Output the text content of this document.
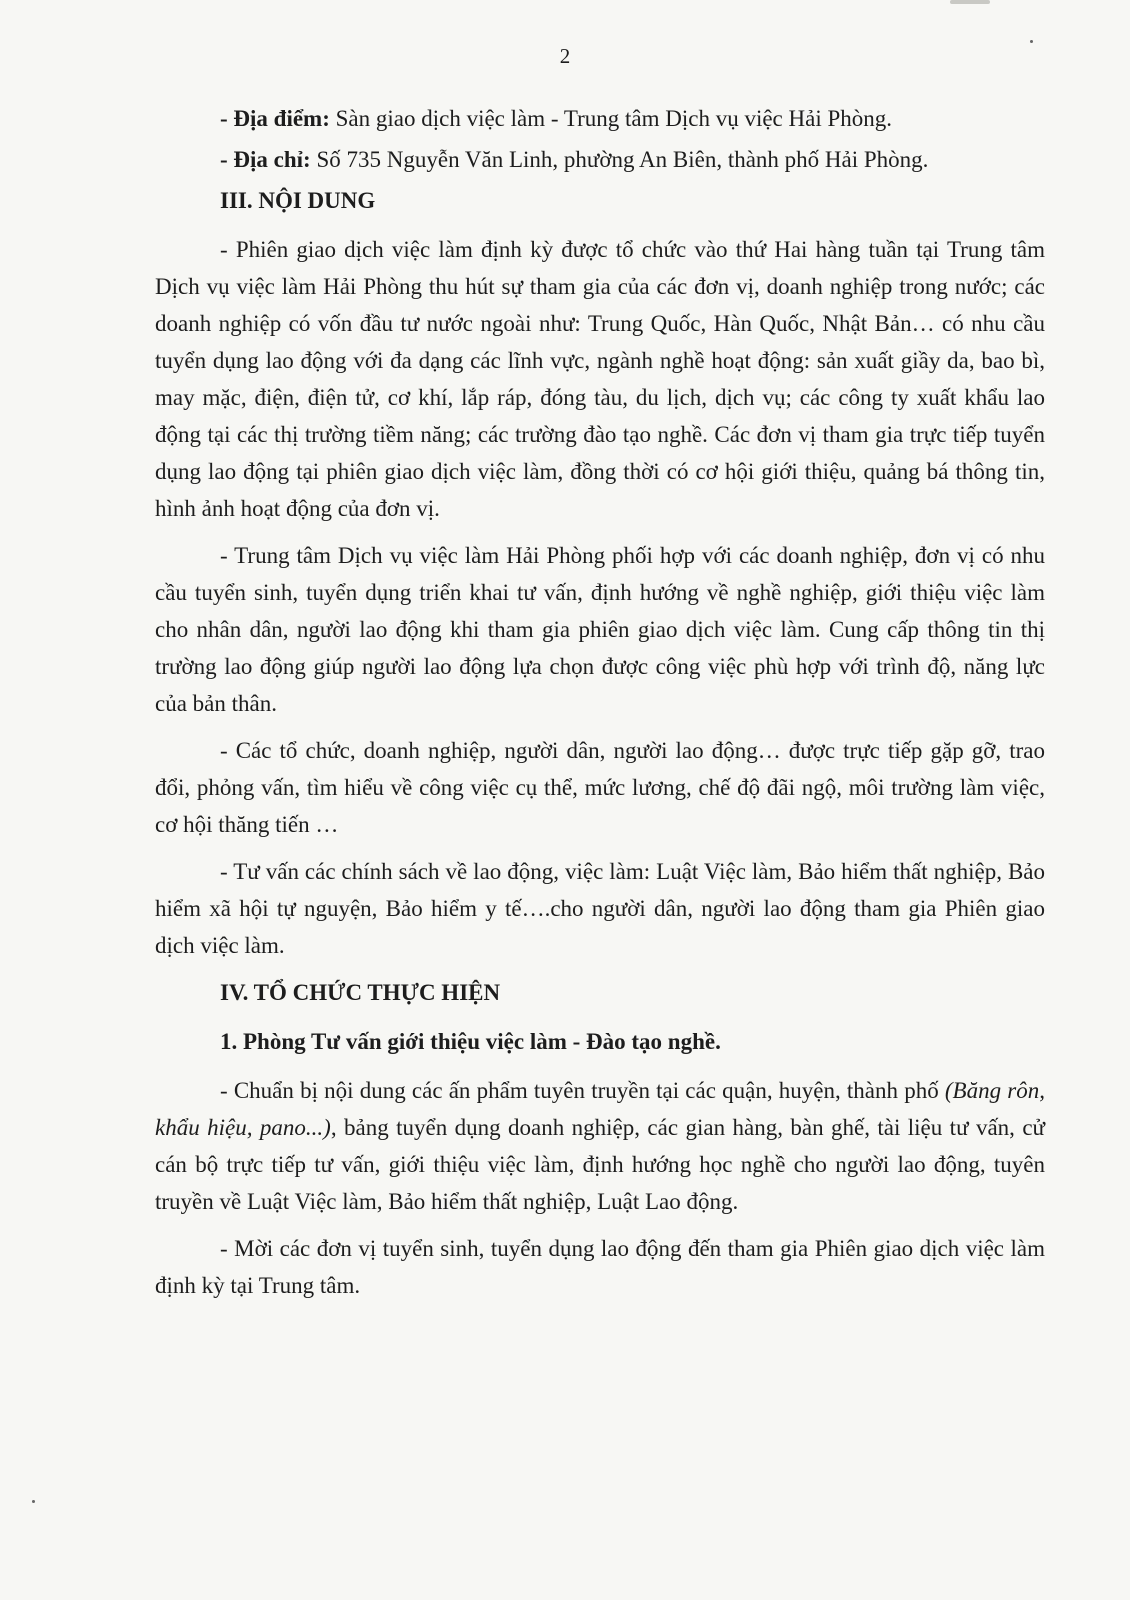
2

- Địa điểm: Sàn giao dịch việc làm - Trung tâm Dịch vụ việc Hải Phòng.

- Địa chỉ: Số 735 Nguyễn Văn Linh, phường An Biên, thành phố Hải Phòng.

III. NỘI DUNG

- Phiên giao dịch việc làm định kỳ được tổ chức vào thứ Hai hàng tuần tại Trung tâm Dịch vụ việc làm Hải Phòng thu hút sự tham gia của các đơn vị, doanh nghiệp trong nước; các doanh nghiệp có vốn đầu tư nước ngoài như: Trung Quốc, Hàn Quốc, Nhật Bản… có nhu cầu tuyển dụng lao động với đa dạng các lĩnh vực, ngành nghề hoạt động: sản xuất giầy da, bao bì, may mặc, điện, điện tử, cơ khí, lắp ráp, đóng tàu, du lịch, dịch vụ; các công ty xuất khẩu lao động tại các thị trường tiềm năng; các trường đào tạo nghề. Các đơn vị tham gia trực tiếp tuyển dụng lao động tại phiên giao dịch việc làm, đồng thời có cơ hội giới thiệu, quảng bá thông tin, hình ảnh hoạt động của đơn vị.

- Trung tâm Dịch vụ việc làm Hải Phòng phối hợp với các doanh nghiệp, đơn vị có nhu cầu tuyển sinh, tuyển dụng triển khai tư vấn, định hướng về nghề nghiệp, giới thiệu việc làm cho nhân dân, người lao động khi tham gia phiên giao dịch việc làm. Cung cấp thông tin thị trường lao động giúp người lao động lựa chọn được công việc phù hợp với trình độ, năng lực của bản thân.

- Các tổ chức, doanh nghiệp, người dân, người lao động… được trực tiếp gặp gỡ, trao đổi, phỏng vấn, tìm hiểu về công việc cụ thể, mức lương, chế độ đãi ngộ, môi trường làm việc, cơ hội thăng tiến …

- Tư vấn các chính sách về lao động, việc làm: Luật Việc làm, Bảo hiểm thất nghiệp, Bảo hiểm xã hội tự nguyện, Bảo hiểm y tế….cho người dân, người lao động tham gia Phiên giao dịch việc làm.

IV. TỔ CHỨC THỰC HIỆN

1. Phòng Tư vấn giới thiệu việc làm - Đào tạo nghề.

- Chuẩn bị nội dung các ấn phẩm tuyên truyền tại các quận, huyện, thành phố (Băng rôn, khẩu hiệu, pano...), bảng tuyển dụng doanh nghiệp, các gian hàng, bàn ghế, tài liệu tư vấn, cử cán bộ trực tiếp tư vấn, giới thiệu việc làm, định hướng học nghề cho người lao động, tuyên truyền về Luật Việc làm, Bảo hiểm thất nghiệp, Luật Lao động.

- Mời các đơn vị tuyển sinh, tuyển dụng lao động đến tham gia Phiên giao dịch việc làm định kỳ tại Trung tâm.
